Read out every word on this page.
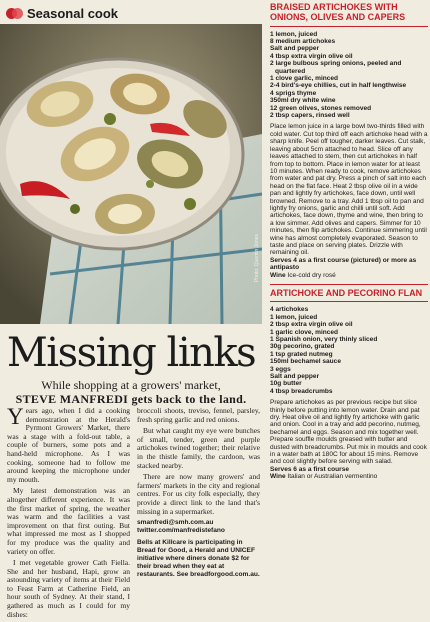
Seasonal cook
Photo: Quentin Jones
Missing links

While shopping at a growers' market,
STEVE MANFREDI gets back to the land.

Years ago, when I did a cooking demonstration at the Herald's Pyrmont Growers' Market, there was a stage with a fold-out table, a couple of burners, some pots and a hand-held microphone. As I was cooking, someone had to follow me around keeping the microphone under my mouth.

My latest demonstration was an altogether different experience. It was the first market of spring, the weather was warm and the facilities a vast improvement on that first outing. But what impressed me most as I shopped for my produce was the quality and variety on offer.

I met vegetable grower Cath Fiella. She and her husband, Hapi, grow an astounding variety of items at their Field to Feast Farm at Catherine Field, an hour south of Sydney. At their stand, I gathered as much as I could for my dishes:

broccoli shoots, treviso, fennel, parsley, fresh spring garlic and red onions.

But what caught my eye were bunches of small, tender, green and purple artichokes twined together; their relative in the thistle family, the cardoon, was stacked nearby.

There are now many growers' and farmers' markets in the city and regional centres. For us city folk especially, they provide a direct link to the land that's missing in a supermarket.

smanfredi@smh.com.au
twitter.com/manfredistefano
Bells at Killcare is participating in Bread for Good, a Herald and UNICEF initiative where diners donate $2 for their bread when they eat at restaurants. See breadforgood.com.au.
BRAISED ARTICHOKES WITH ONIONS, OLIVES AND CAPERS
1 lemon, juiced
8 medium artichokes
Salt and pepper
4 tbsp extra virgin olive oil
2 large bulbous spring onions, peeled and quartered
1 clove garlic, minced
2-4 bird's-eye chillies, cut in half lengthwise
4 sprigs thyme
350ml dry white wine
12 green olives, stones removed
2 tbsp capers, rinsed well

Place lemon juice in a large bowl two-thirds filled with cold water. Cut top third off each artichoke head with a sharp knife. Peel off tougher, darker leaves. Cut stalk, leaving about 5cm attached to head. Slice off any leaves attached to stem, then cut artichokes in half from top to bottom. Place in lemon water for at least 10 minutes. When ready to cook, remove artichokes from water and pat dry. Press a pinch of salt into each head on the flat face. Heat 2 tbsp olive oil in a wide pan and lightly fry artichokes, face down, until well browned. Remove to a tray. Add 1 tbsp oil to pan and lightly fry onions, garlic and chilli until soft. Add artichokes, face down, thyme and wine, then bring to a low simmer. Add olives and capers. Simmer for 10 minutes, then flip artichokes. Continue simmering until wine has almost completely evaporated. Season to taste and place on serving plates. Drizzle with remaining oil.

Serves 4 as a first course (pictured) or more as antipasto
Wine Ice-cold dry rosé
ARTICHOKE AND PECORINO FLAN
4 artichokes
1 lemon, juiced
2 tbsp extra virgin olive oil
1 garlic clove, minced
1 Spanish onion, very thinly sliced
30g pecorino, grated
1 tsp grated nutmeg
150ml bechamel sauce
3 eggs
Salt and pepper
10g butter
4 tbsp breadcrumbs

Prepare artichokes as per previous recipe but slice thinly before putting into lemon water. Drain and pat dry. Heat olive oil and lightly fry artichoke with garlic and onion. Cool in a tray and add pecorino, nutmeg, bechamel and eggs. Season and mix together well. Prepare souffle moulds greased with butter and dusted with breadcrumbs. Put mix in moulds and cook in a water bath at 180C for about 15 mins. Remove and cool slightly before serving with salad.

Serves 6 as a first course
Wine Italian or Australian vermentino
